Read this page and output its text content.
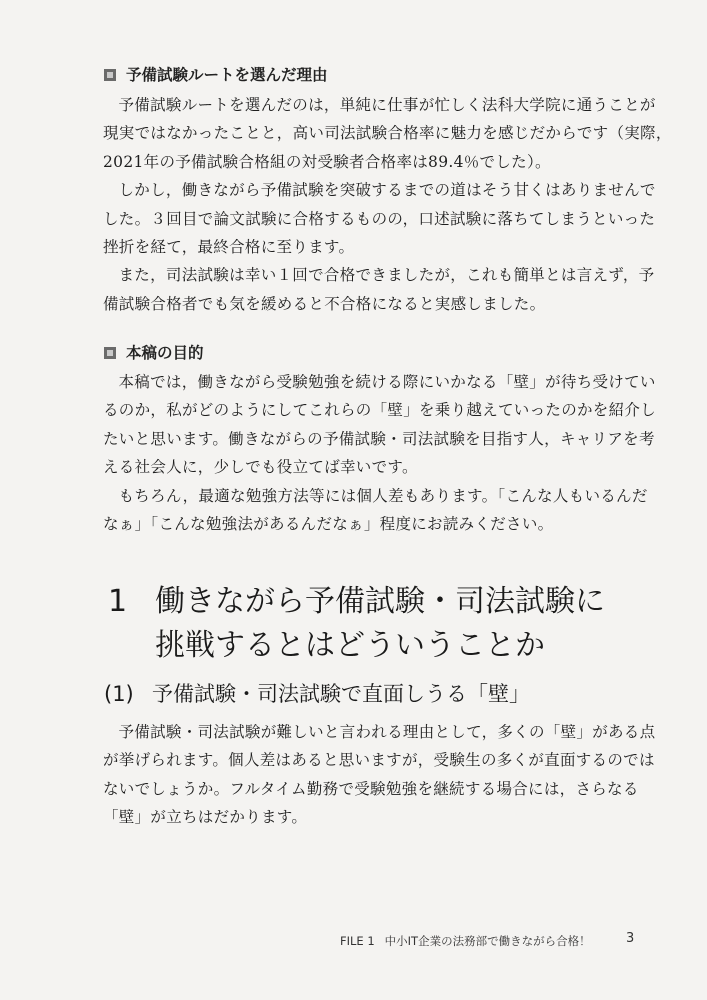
予備試験ルートを選んだ理由

予備試験ルートを選んだのは，単純に仕事が忙しく法科大学院に通うことが
現実ではなかったことと，高い司法試験合格率に魅力を感じだからです（実際，
2021年の予備試験合格組の対受験者合格率は89.4％でした）。
しかし，働きながら予備試験を突破するまでの道はそう甘くはありませんで
した。３回目で論文試験に合格するものの，口述試験に落ちてしまうといった
挫折を経て，最終合格に至ります。
また，司法試験は幸い１回で合格できましたが，これも簡単とは言えず，予
備試験合格者でも気を緩めると不合格になると実感しました。

本稿の目的

本稿では，働きながら受験勉強を続ける際にいかなる「壁」が待ち受けてい
るのか，私がどのようにしてこれらの「壁」を乗り越えていったのかを紹介し
たいと思います。働きながらの予備試験・司法試験を目指す人，キャリアを考
える社会人に，少しでも役立てば幸いです。
もちろん，最適な勉強方法等には個人差もあります。「こんな人もいるんだ
なぁ」「こんな勉強法があるんだなぁ」程度にお読みください。

1 働きながら予備試験・司法試験に
挑戦するとはどういうことか
(1) 予備試験・司法試験で直面しうる「壁」

予備試験・司法試験が難しいと言われる理由として，多くの「壁」がある点
が挙げられます。個人差はあると思いますが，受験生の多くが直面するのでは
ないでしょうか。フルタイム勤務で受験勉強を継続する場合には，さらなる
「壁」が立ちはだかります。

FILE 1 中小IT企業の法務部で働きながら合格！	3
